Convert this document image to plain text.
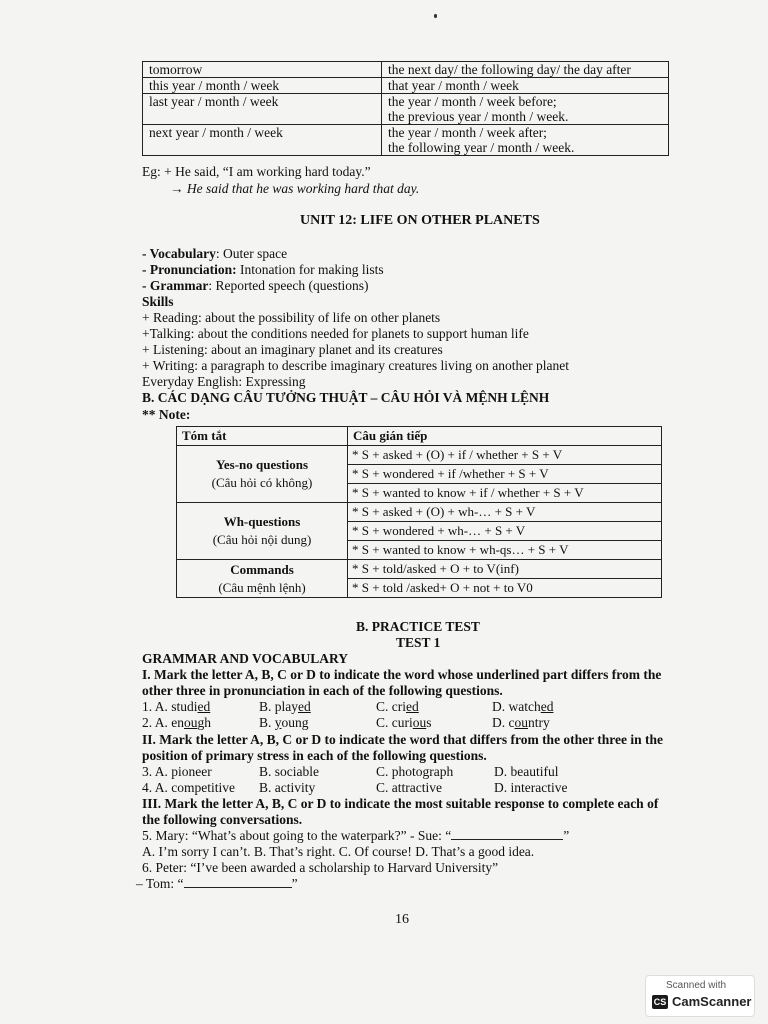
tomorrow	the next day/ the following day/ the day after
this year / month / week	that year / month / week
last year / month / week	the year / month / week before;
the previous year / month / week.

next year / month / week	the year / month / week after;
the following year / month / week.
Eg: + He said, “I am working hard today.”
→ He said that he was working hard that day.
UNIT 12: LIFE ON OTHER PLANETS
- Vocabulary: Outer space
- Pronunciation: Intonation for making lists
- Grammar: Reported speech (questions)
Skills
+ Reading: about the possibility of life on other planets
+Talking: about the conditions needed for planets to support human life
+ Listening: about an imaginary planet and its creatures
+ Writing: a paragraph to describe imaginary creatures living on another planet
Everyday English: Expressing
B. CÁC DẠNG CÂU TƯỞNG THUẬT – CÂU HỎI VÀ MỆNH LỆNH
** Note:
Tóm tắt	Câu gián tiếp

Yes-no questions
(Câu hỏi có không)	* S + asked + (O) + if / whether + S + V
	* S + wondered + if /whether + S + V
	* S + wanted to know + if / whether + S + V

Wh-questions
(Câu hỏi nội dung)	* S + asked + (O) + wh-… + S + V
	* S + wondered + wh-… + S + V
	* S + wanted to know + wh-qs… + S + V

Commands
(Câu mệnh lệnh)	* S + told/asked + O + to V(inf)
	* S + told /asked+ O + not + to V0
B. PRACTICE TEST
TEST 1
GRAMMAR AND VOCABULARY
I. Mark the letter A, B, C or D to indicate the word whose underlined part differs from the
other three in pronunciation in each of the following questions.
1. A. studied	B. played	C. cried	D. watched
2. A. enough	B. young	C. curious	D. country
II. Mark the letter A, B, C or D to indicate the word that differs from the other three in the
position of primary stress in each of the following questions.
3. A. pioneer	B. sociable	C. photograph	D. beautiful
4. A. competitive B. activity	C. attractive	D. interactive
III. Mark the letter A, B, C or D to indicate the most suitable response to complete each of
the following conversations.
5. Mary: “What’s about going to the waterpark?” - Sue: “	”
A. I’m sorry I can’t. B. That’s right. C. Of course! D. That’s a good idea.
6. Peter: “I’ve been awarded a scholarship to Harvard University”
– Tom: “	”
16
Scanned with
CS CamScanner
